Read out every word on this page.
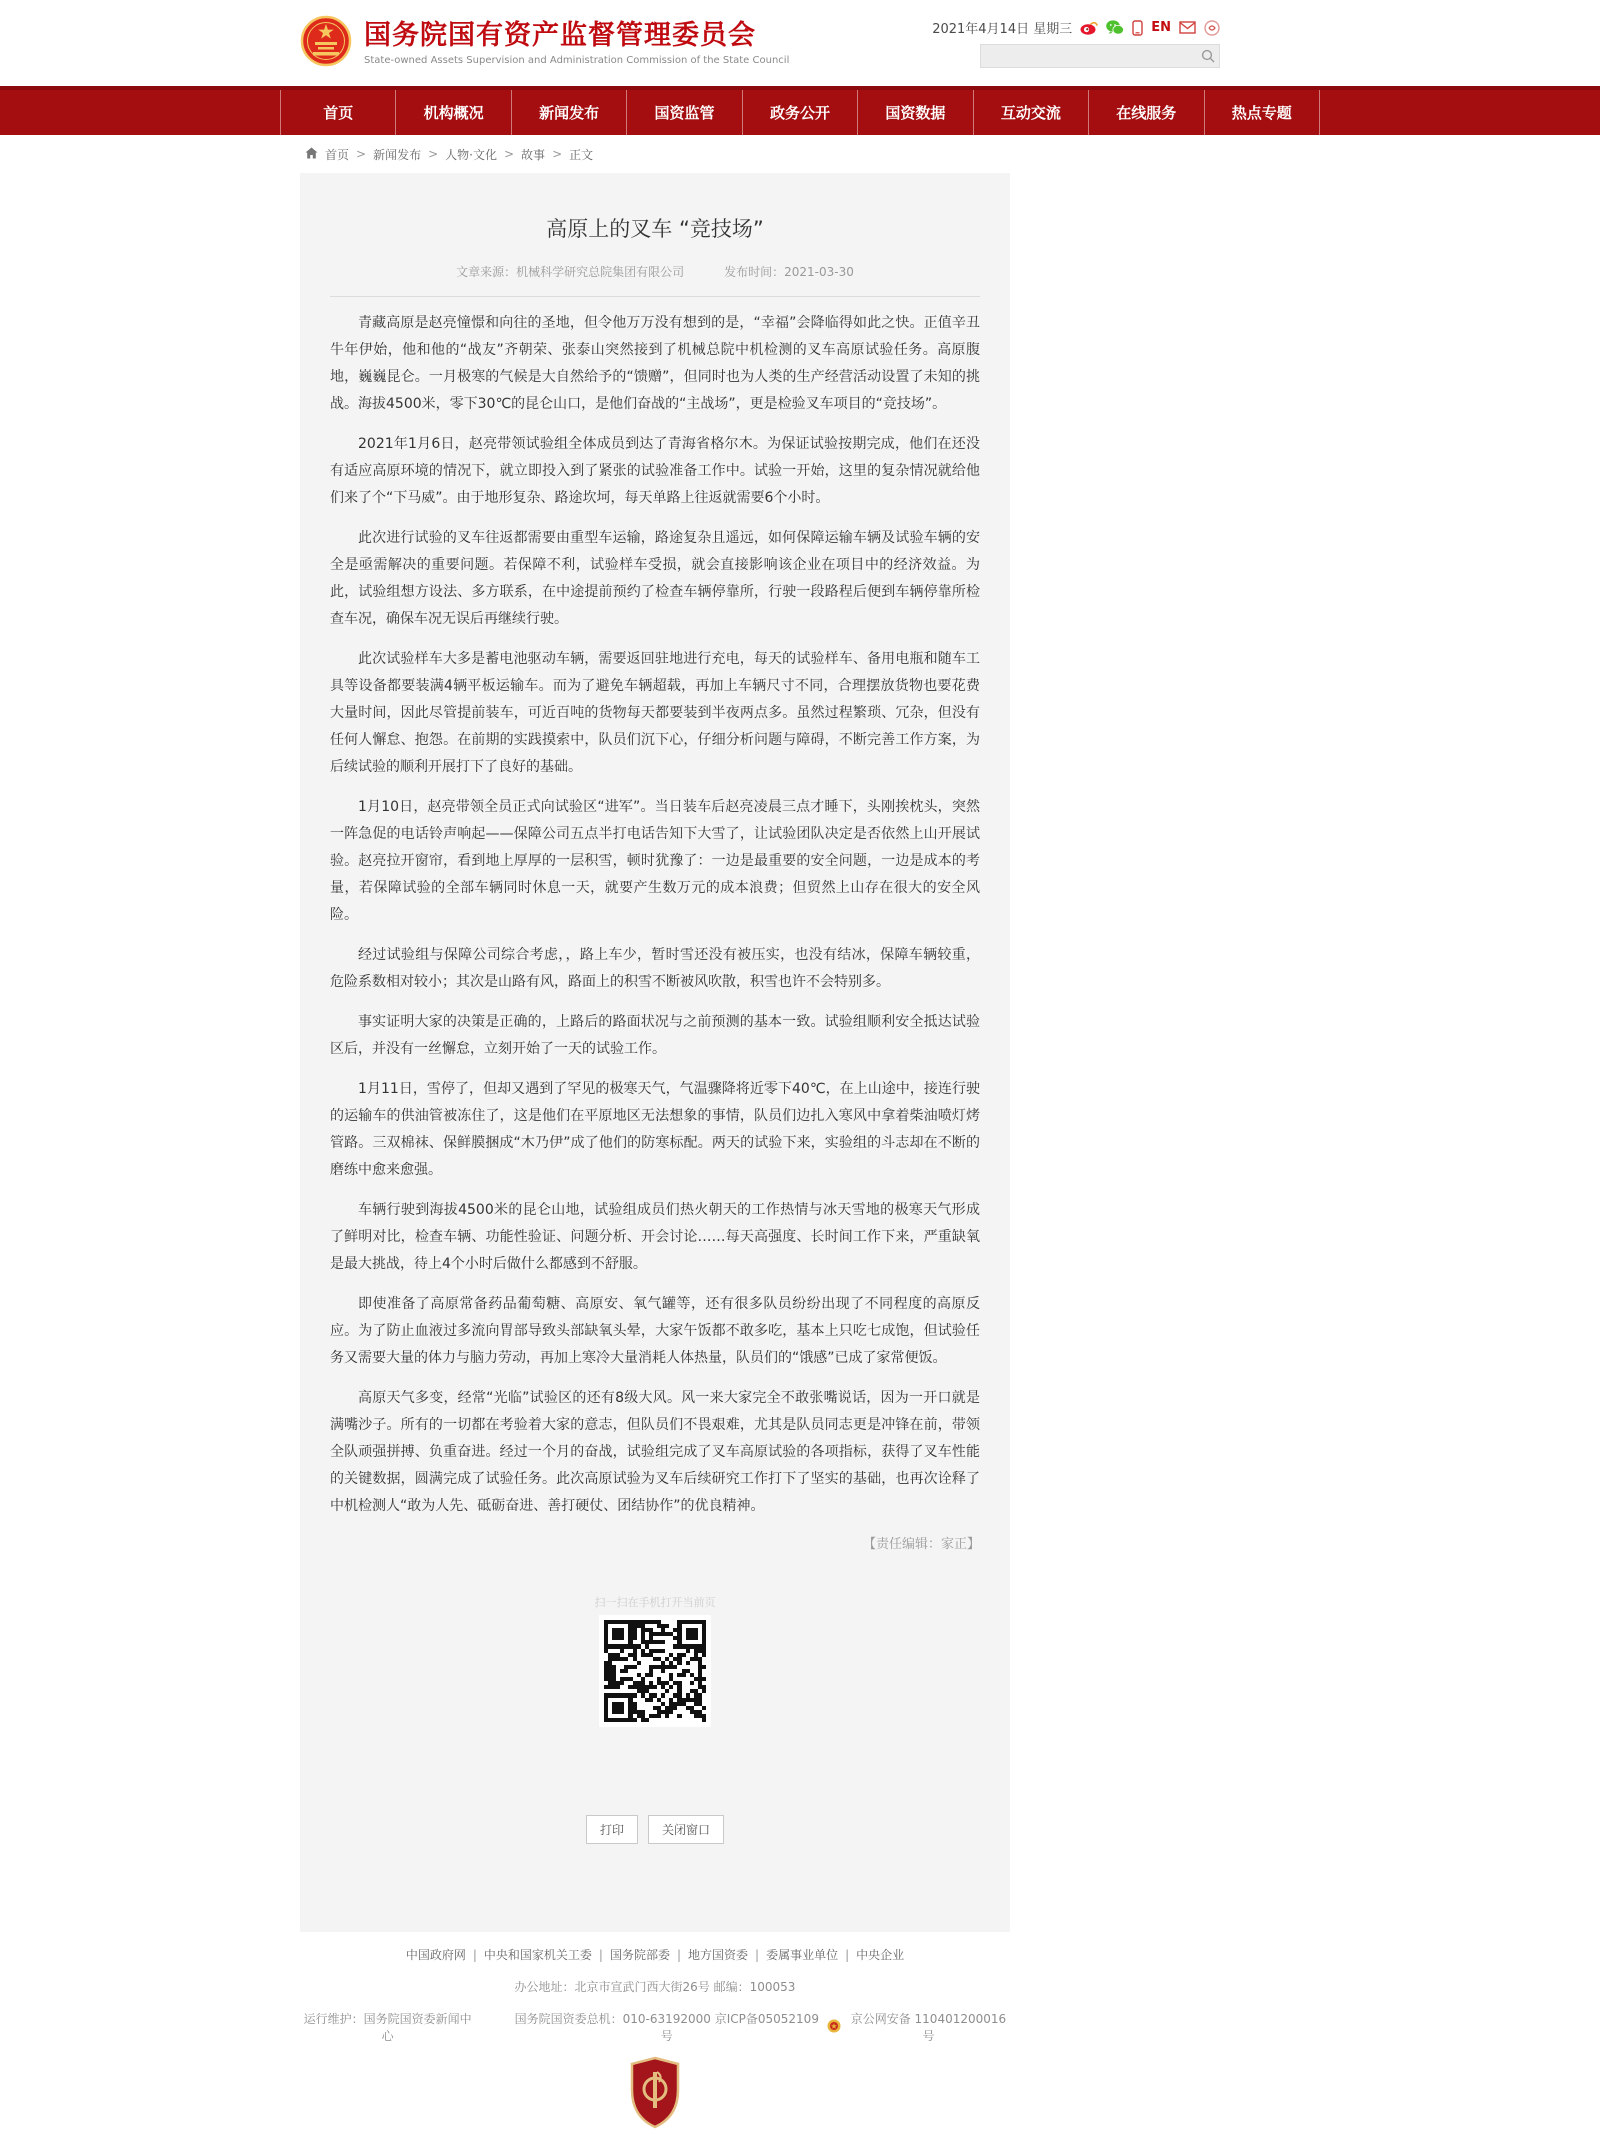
国务院国有资产监督管理委员会
State-owned Assets Supervision and Administration Commission of the State Council
2021年4月14日 星期三	EN
首页	机构概况	新闻发布	国资监管	政务公开	国资数据	互动交流	在线服务	热点专题
首页 > 新闻发布 > 人物·文化 > 故事 > 正文
高原上的叉车 “竞技场”
文章来源：机械科学研究总院集团有限公司	发布时间：2021-03-30

青藏高原是赵亮憧憬和向往的圣地，但令他万万没有想到的是，“幸福”会降临得如此之快。正值辛丑牛年伊始，他和他的“战友”齐朝荣、张泰山突然接到了机械总院中机检测的叉车高原试验任务。高原腹地，巍巍昆仑。一月极寒的气候是大自然给予的“馈赠”，但同时也为人类的生产经营活动设置了未知的挑战。海拔4500米，零下30℃的昆仑山口，是他们奋战的“主战场”，更是检验叉车项目的“竞技场”。

2021年1月6日，赵亮带领试验组全体成员到达了青海省格尔木。为保证试验按期完成，他们在还没有适应高原环境的情况下，就立即投入到了紧张的试验准备工作中。试验一开始，这里的复杂情况就给他们来了个“下马威”。由于地形复杂、路途坎坷，每天单路上往返就需要6个小时。

此次进行试验的叉车往返都需要由重型车运输，路途复杂且遥远，如何保障运输车辆及试验车辆的安全是亟需解决的重要问题。若保障不利，试验样车受损，就会直接影响该企业在项目中的经济效益。为此，试验组想方设法、多方联系，在中途提前预约了检查车辆停靠所，行驶一段路程后便到车辆停靠所检查车况，确保车况无误后再继续行驶。

此次试验样车大多是蓄电池驱动车辆，需要返回驻地进行充电，每天的试验样车、备用电瓶和随车工具等设备都要装满4辆平板运输车。而为了避免车辆超载，再加上车辆尺寸不同，合理摆放货物也要花费大量时间，因此尽管提前装车，可近百吨的货物每天都要装到半夜两点多。虽然过程繁琐、冗杂，但没有任何人懈怠、抱怨。在前期的实践摸索中，队员们沉下心，仔细分析问题与障碍，不断完善工作方案，为后续试验的顺利开展打下了良好的基础。

1月10日，赵亮带领全员正式向试验区“进军”。当日装车后赵亮凌晨三点才睡下，头刚挨枕头，突然一阵急促的电话铃声响起——保障公司五点半打电话告知下大雪了，让试验团队决定是否依然上山开展试验。赵亮拉开窗帘，看到地上厚厚的一层积雪，顿时犹豫了：一边是最重要的安全问题，一边是成本的考量，若保障试验的全部车辆同时休息一天，就要产生数万元的成本浪费；但贸然上山存在很大的安全风险。

经过试验组与保障公司综合考虑，，路上车少，暂时雪还没有被压实，也没有结冰，保障车辆较重，危险系数相对较小；其次是山路有风，路面上的积雪不断被风吹散，积雪也许不会特别多。

事实证明大家的决策是正确的，上路后的路面状况与之前预测的基本一致。试验组顺利安全抵达试验区后，并没有一丝懈怠，立刻开始了一天的试验工作。

1月11日，雪停了，但却又遇到了罕见的极寒天气，气温骤降将近零下40℃，在上山途中，接连行驶的运输车的供油管被冻住了，这是他们在平原地区无法想象的事情，队员们边扎入寒风中拿着柴油喷灯烤管路。三双棉袜、保鲜膜捆成“木乃伊”成了他们的防寒标配。两天的试验下来，实验组的斗志却在不断的磨练中愈来愈强。

车辆行驶到海拔4500米的昆仑山地，试验组成员们热火朝天的工作热情与冰天雪地的极寒天气形成了鲜明对比，检查车辆、功能性验证、问题分析、开会讨论……每天高强度、长时间工作下来，严重缺氧是最大挑战，待上4个小时后做什么都感到不舒服。

即使准备了高原常备药品葡萄糖、高原安、氧气罐等，还有很多队员纷纷出现了不同程度的高原反应。为了防止血液过多流向胃部导致头部缺氧头晕，大家午饭都不敢多吃，基本上只吃七成饱，但试验任务又需要大量的体力与脑力劳动，再加上寒冷大量消耗人体热量，队员们的“饿感”已成了家常便饭。

高原天气多变，经常“光临”试验区的还有8级大风。风一来大家完全不敢张嘴说话，因为一开口就是满嘴沙子。所有的一切都在考验着大家的意志，但队员们不畏艰难，尤其是队员同志更是冲锋在前，带领全队顽强拼搏、负重奋进。经过一个月的奋战，试验组完成了叉车高原试验的各项指标，获得了叉车性能的关键数据，圆满完成了试验任务。此次高原试验为叉车后续研究工作打下了坚实的基础，也再次诠释了中机检测人“敢为人先、砥砺奋进、善打硬仗、团结协作”的优良精神。

【责任编辑：家正】
扫一扫在手机打开当前页
打印	关闭窗口
中国政府网 | 中央和国家机关工委 | 国务院部委 | 地方国资委 | 委属事业单位 | 中央企业
办公地址：北京市宣武门西大街26号 邮编：100053
运行维护：国务院国资委新闻中心
国务院国资委总机：010-63192000 京ICP备05052109号
京公网安备 110401200016号
